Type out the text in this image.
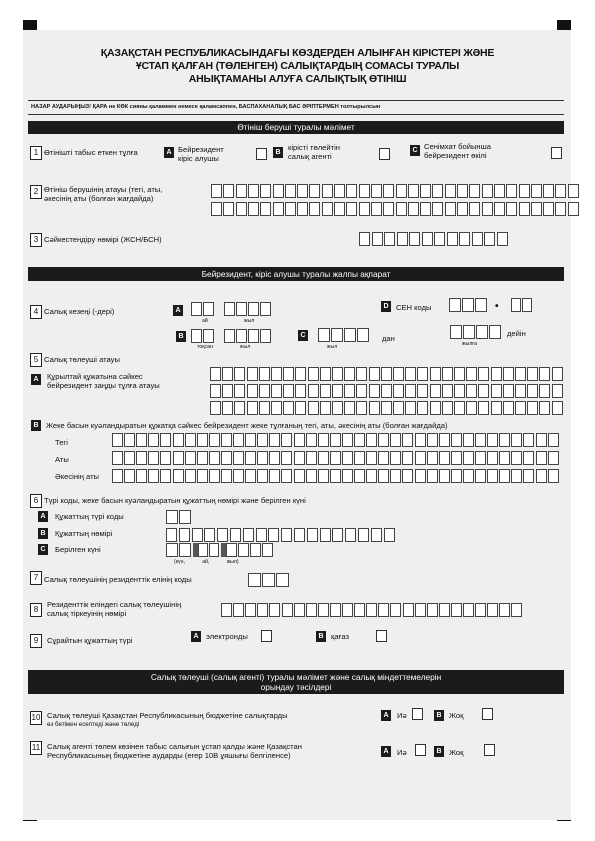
ҚАЗАҚСТАН РЕСПУБЛИКАСЫНДАҒЫ КӨЗДЕРДЕН АЛЫНҒАН КІРІСТЕРІ ЖӘНЕ
ҰСТАП ҚАЛҒАН (ТӨЛЕНГЕН) САЛЫҚТАРДЫҢ СОМАСЫ ТУРАЛЫ
АНЫҚТАМАНЫ АЛУҒА САЛЫҚТЫҚ ӨТІНІШ
НАЗАР АУДАРЫҢЫЗ! ҚАРА не КӨК сияны қаламмен немесе қаламсаппен, БАСПАХАНАЛЫҚ БАС ӘРІПТЕРМЕН толтырылсын
Өтініш беруші туралы мәлімет
1 Өтінішті табыс еткен тұлға	A Бейрезидент
кіріс алушы
B
кірісті төлейтін
салық агенті
C Сенімхат бойынша
бейрезидент өкілі
2 Өтініш берушінің атауы (тегі, аты,
әкесінің аты (болған жағдайда)
3 Сәйкестендіру нөмірі (ЖСН/БСН)
Бейрезидент, кіріс алушы туралы жалпы ақпарат
4 Салық кезеңі (-дері)	A
ай	жыл
D СЕН коды	•
B
тоқсан	жыл
C
жыл
дан
жылға
дейін
5 Салық төлеуші атауы
A	Құрылтай құжатына сәйкес
бейрезидент заңды тұлға атауы
B Жеке басын куәландыратын құжатқа сәйкес бейрезидент жеке тұлғаның тегі, аты, әкесінің аты (болған жағдайда)
Тегі
Аты
Әкесінің аты
6 Түрі коды, жеке басын куәландыратын құжаттың нөмірі және берілген күні
A	Құжаттың түрі коды
B	Құжаттың нөмірі
C	Берілген күні
(күн,            ай,            жыл)
7 Салық төлеушінің резиденттік елінің коды
8
Резиденттік еліндегі салық төлеушінің
салық тіркеуінің нөмірі
9	Сұрайтын құжаттың түрі	A электронды	B қағаз
Салық төлеуші (салық агенті) туралы мәлімет және салық міндеттемелерін
орындау тәсілдері
10 Салық төлеуші Қазақстан Республикасының бюджетіне салықтарды
өз бетімен есептеді және төледі
A	Иә	B Жоқ
11 Салық агенті төлем көзінен табыс салығын ұстап қалды және Қазақстан
Республикасының бюджетіне аударды (егер 10В ұяшығы белгіленсе)	A	Иә	B Жоқ
